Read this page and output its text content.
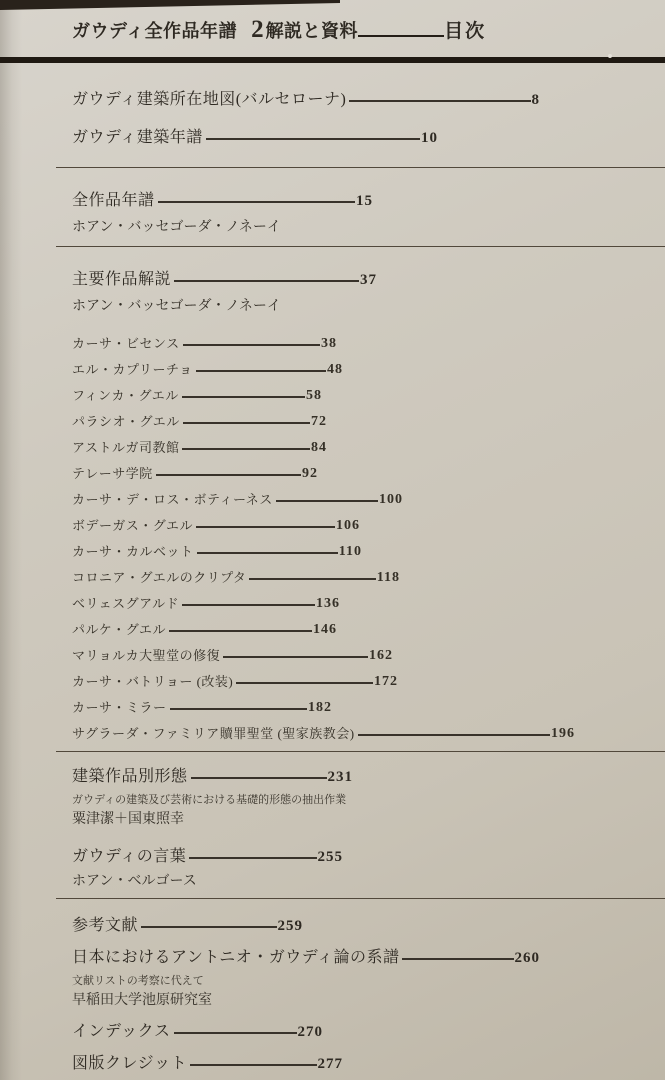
ガウディ全作品年譜 2 解説と資料	目次
ガウディ建築所在地図(バルセローナ)	8
ガウディ建築年譜	10
全作品年譜	15
ホアン・バッセゴーダ・ノネーイ
主要作品解説	37
ホアン・バッセゴーダ・ノネーイ
カーサ・ビセンス	38
エル・カプリーチョ	48
フィンカ・グエル	58
パラシオ・グエル	72
アストルガ司教館	84
テレーサ学院	92
カーサ・デ・ロス・ボティーネス	100
ボデーガス・グエル	106
カーサ・カルベット	110
コロニア・グエルのクリプタ	118
ベリェスグアルド	136
パルケ・グエル	146
マリョルカ大聖堂の修復	162
カーサ・バトリョー (改装)	172
カーサ・ミラー	182
サグラーダ・ファミリア贖罪聖堂 (聖家族教会)	196
建築作品別形態	231
ガウディの建築及び芸術における基礎的形態の抽出作業
粟津潔＋国東照幸
ガウディの言葉	255
ホアン・ベルゴース
参考文献	259
日本におけるアントニオ・ガウディ論の系譜	260
文献リストの考察に代えて
早稲田大学池原研究室
インデックス	270
図版クレジット	277
